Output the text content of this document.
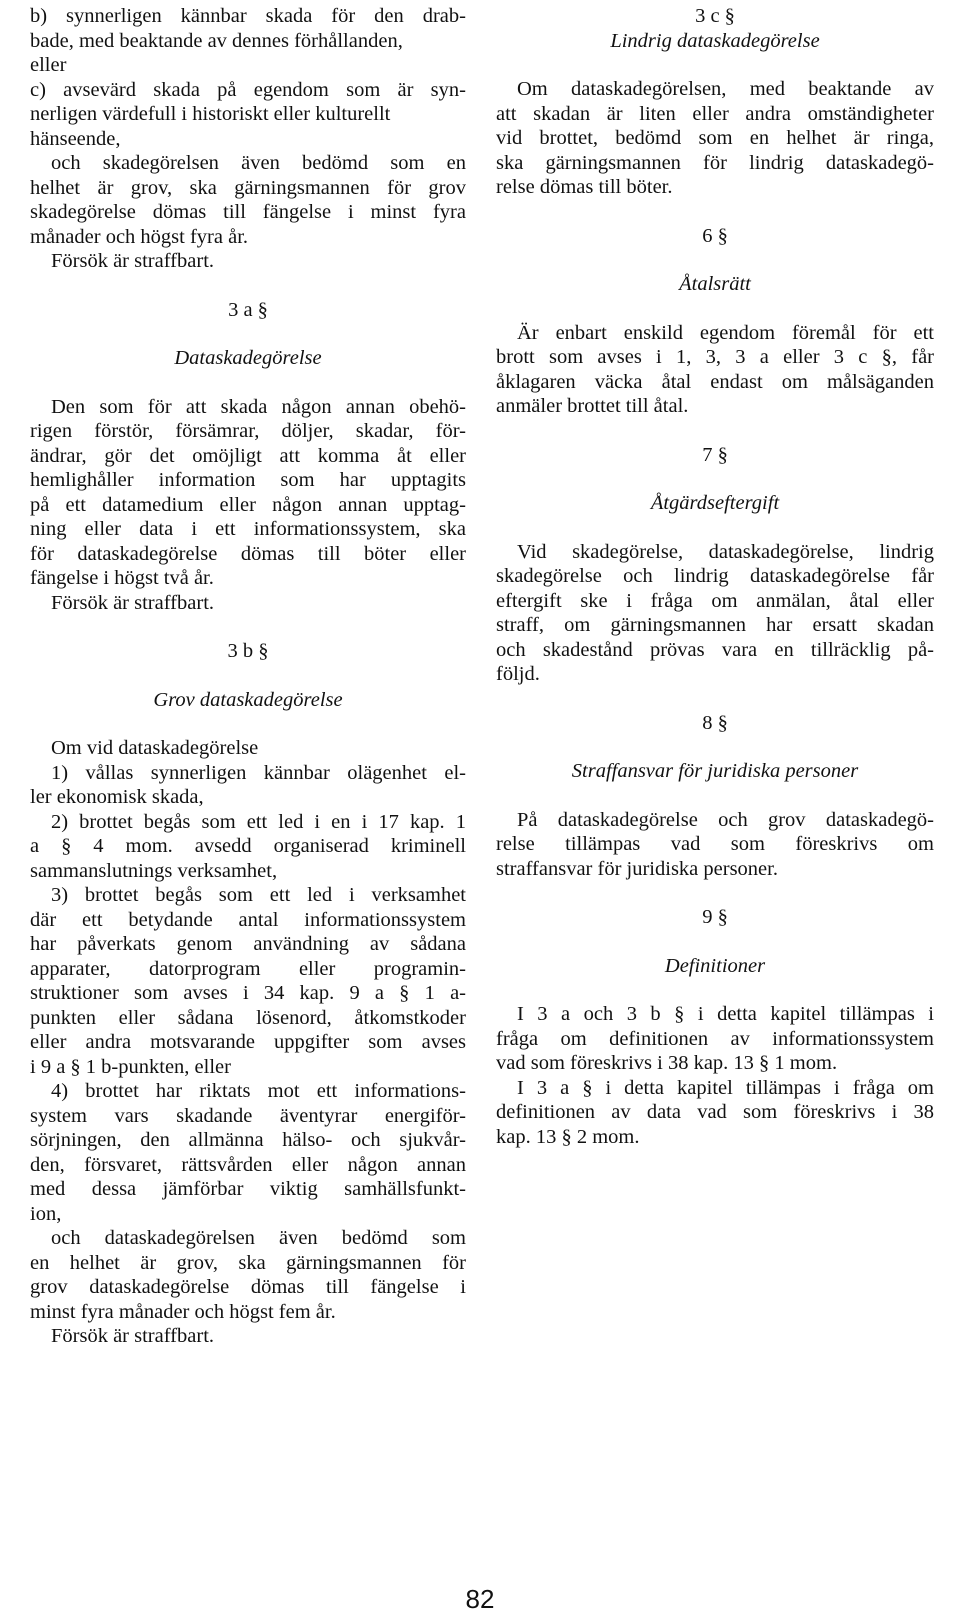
b) synnerligen kännbar skada för den drab-
bade, med beaktande av dennes förhållanden,
eller
c) avsevärd skada på egendom som är syn-
nerligen värdefull i historiskt eller kulturellt
hänseende,
och skadegörelsen även bedömd som en
helhet är grov, ska gärningsmannen för grov
skadegörelse dömas till fängelse i minst fyra
månader och högst fyra år.
Försök är straffbart.
3 a §
Dataskadegörelse
Den som för att skada någon annan obehö-
rigen förstör, försämrar, döljer, skadar, för-
ändrar, gör det omöjligt att komma åt eller
hemlighåller information som har upptagits
på ett datamedium eller någon annan upptag-
ning eller data i ett informationssystem, ska
för dataskadegörelse dömas till böter eller
fängelse i högst två år.
Försök är straffbart.
3 b §
Grov dataskadegörelse
Om vid dataskadegörelse
1) vållas synnerligen kännbar olägenhet el-
ler ekonomisk skada,
2) brottet begås som ett led i en i 17 kap. 1
a § 4 mom. avsedd organiserad kriminell
sammanslutnings verksamhet,
3) brottet begås som ett led i verksamhet
där ett betydande antal informationssystem
har påverkats genom användning av sådana
apparater, datorprogram eller programin-
struktioner som avses i 34 kap. 9 a § 1 a-
punkten eller sådana lösenord, åtkomstkoder
eller andra motsvarande uppgifter som avses
i 9 a § 1 b-punkten, eller
4) brottet har riktats mot ett informations-
system vars skadande äventyrar energiför-
sörjningen, den allmänna hälso- och sjukvår-
den, försvaret, rättsvården eller någon annan
med dessa jämförbar viktig samhällsfunkt-
ion,
och dataskadegörelsen även bedömd som
en helhet är grov, ska gärningsmannen för
grov dataskadegörelse dömas till fängelse i
minst fyra månader och högst fem år.
Försök är straffbart.
3 c §
Lindrig dataskadegörelse
Om dataskadegörelsen, med beaktande av
att skadan är liten eller andra omständigheter
vid brottet, bedömd som en helhet är ringa,
ska gärningsmannen för lindrig dataskadegö-
relse dömas till böter.
6 §
Åtalsrätt
Är enbart enskild egendom föremål för ett
brott som avses i 1, 3, 3 a eller 3 c §, får
åklagaren väcka åtal endast om målsäganden
anmäler brottet till åtal.
7 §
Åtgärdseftergift
Vid skadegörelse, dataskadegörelse, lindrig
skadegörelse och lindrig dataskadegörelse får
eftergift ske i fråga om anmälan, åtal eller
straff, om gärningsmannen har ersatt skadan
och skadestånd prövas vara en tillräcklig på-
följd.
8 §
Straffansvar för juridiska personer
På dataskadegörelse och grov dataskadegö-
relse tillämpas vad som föreskrivs om
straffansvar för juridiska personer.
9 §
Definitioner
I 3 a och 3 b § i detta kapitel tillämpas i
fråga om definitionen av informationssystem
vad som föreskrivs i 38 kap. 13 § 1 mom.
I 3 a § i detta kapitel tillämpas i fråga om
definitionen av data vad som föreskrivs i 38
kap. 13 § 2 mom.
82
